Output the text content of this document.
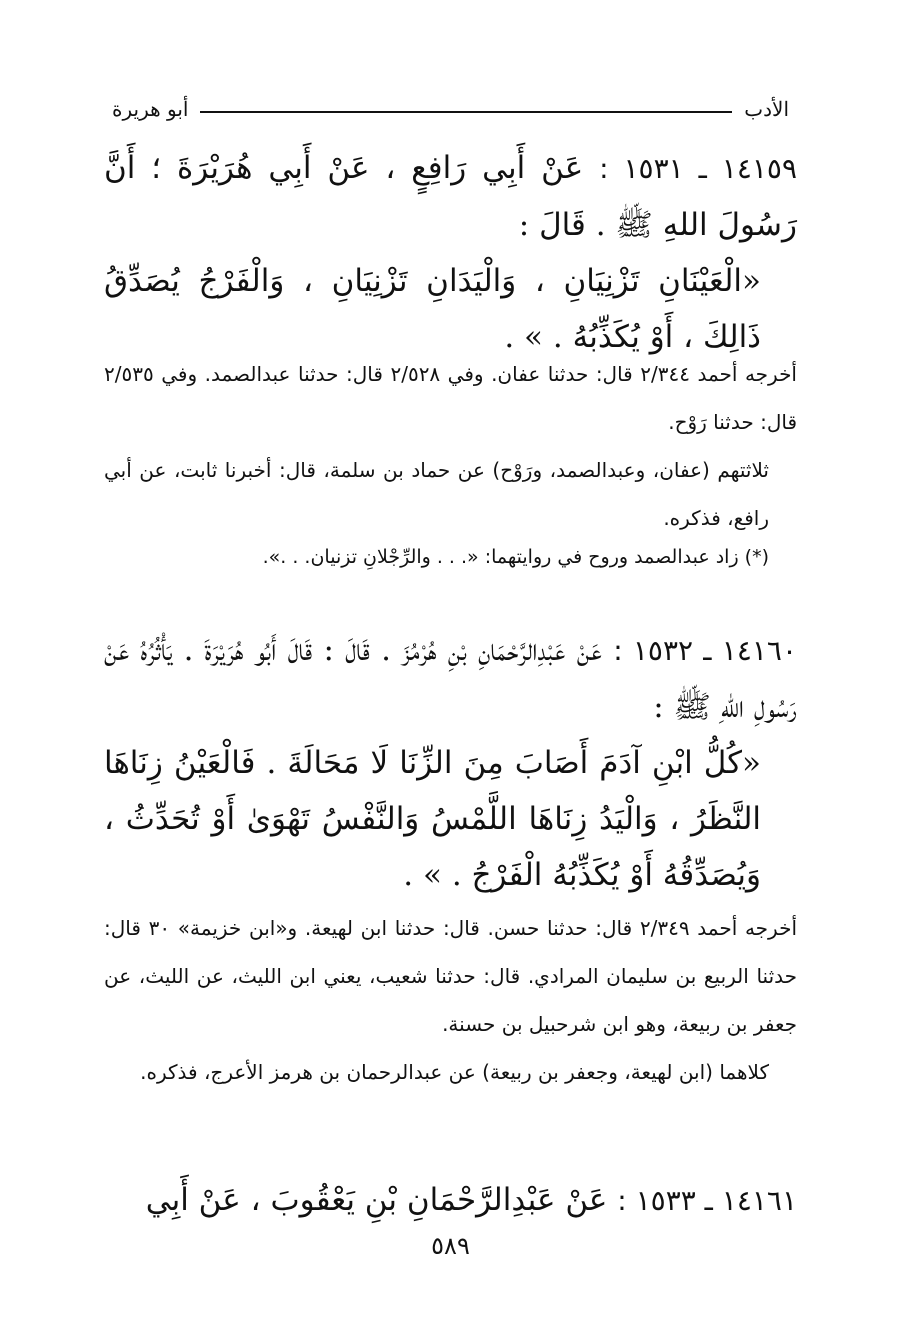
الأدب
أبو هريرة
١٤١٥٩ ـ ١٥٣١ : عَنْ أَبِي رَافِعٍ ، عَنْ أَبِي هُرَيْرَةَ ؛ أَنَّ رَسُولَ اللهِ ﷺ . قَالَ :
«الْعَيْنَانِ تَزْنِيَانِ ، وَالْيَدَانِ تَزْنِيَانِ ، وَالْفَرْجُ يُصَدِّقُ ذَالِكَ ، أَوْ يُكَذِّبُهُ . » .

أخرجه أحمد ٢/٣٤٤ قال: حدثنا عفان. وفي ٢/٥٢٨ قال: حدثنا عبدالصمد. وفي ٢/٥٣٥ قال: حدثنا رَوْح.

ثلاثتهم (عفان، وعبدالصمد، ورَوْح) عن حماد بن سلمة، قال: أخبرنا ثابت، عن أبي رافع، فذكره.

(*) زاد عبدالصمد وروح في روايتهما: «. . . والرِّجْلانِ تزنيان. . .».
١٤١٦٠ ـ ١٥٣٢ : عَنْ عَبْدِالرَّحْمَانِ بْنِ هُرْمُزَ . قَالَ : قَالَ أَبُو هُرَيْرَةَ . يَأْثُرُهُ عَنْ رَسُولِ اللهِ ﷺ :
«كُلُّ ابْنِ آدَمَ أَصَابَ مِنَ الزِّنَا لَا مَحَالَةَ . فَالْعَيْنُ زِنَاهَا النَّظَرُ ، وَالْيَدُ زِنَاهَا اللَّمْسُ وَالنَّفْسُ تَهْوَىٰ أَوْ تُحَدِّثُ ، وَيُصَدِّقُهُ أَوْ يُكَذِّبُهُ الْفَرْجُ . » .

أخرجه أحمد ٢/٣٤٩ قال: حدثنا حسن. قال: حدثنا ابن لهيعة. و«ابن خزيمة» ٣٠ قال: حدثنا الربيع بن سليمان المرادي. قال: حدثنا شعيب، يعني ابن الليث، عن الليث، عن جعفر بن ربيعة، وهو ابن شرحبيل بن حسنة.

كلاهما (ابن لهيعة، وجعفر بن ربيعة) عن عبدالرحمان بن هرمز الأعرج، فذكره.

١٤١٦١ ـ ١٥٣٣ : عَنْ عَبْدِالرَّحْمَانِ بْنِ يَعْقُوبَ ، عَنْ أَبِي
٥٨٩
